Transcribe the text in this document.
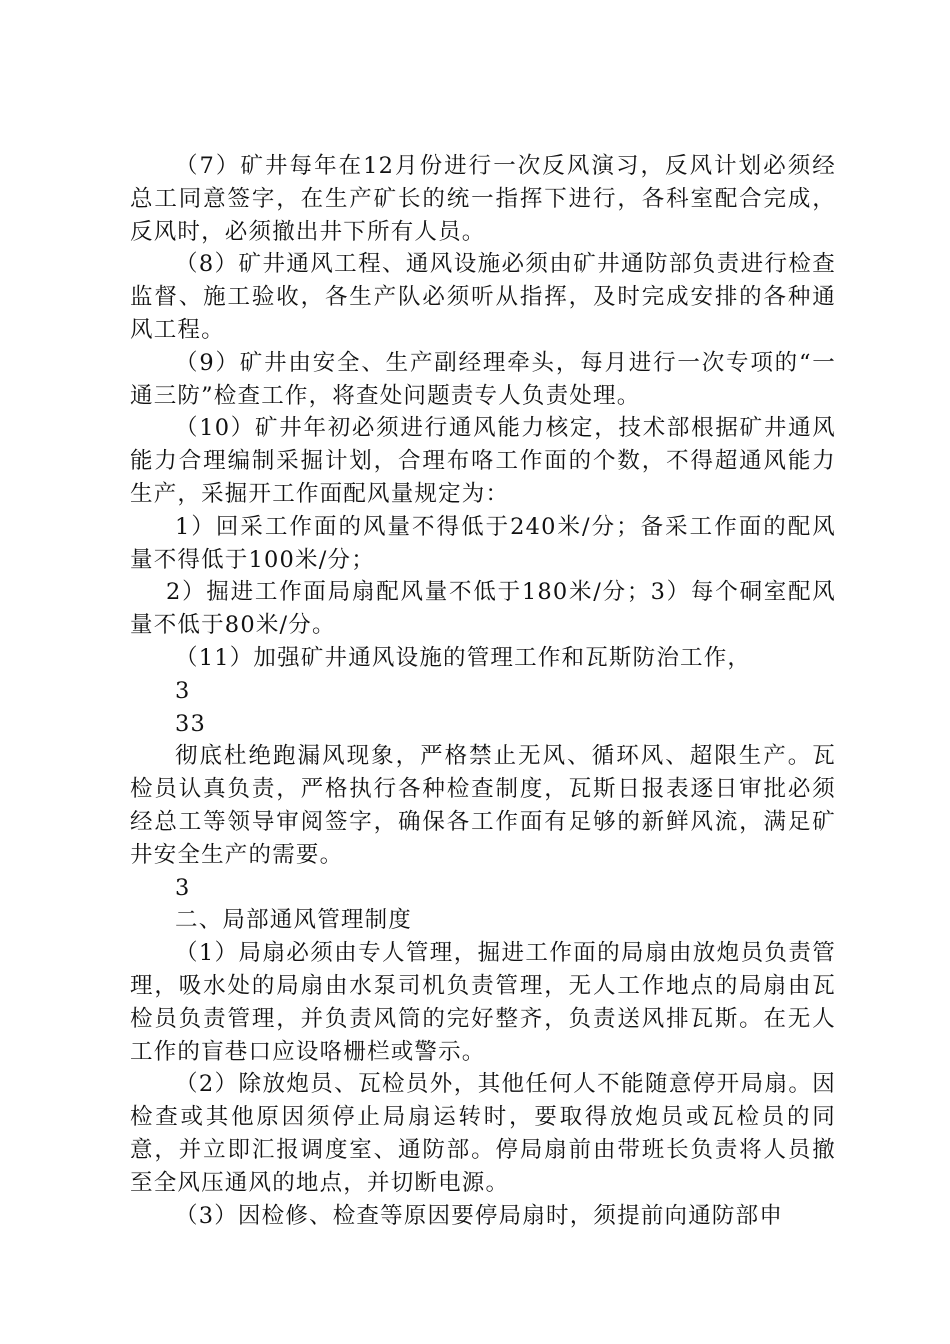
（7）矿井每年在12月份进行一次反风演习，反风计划必须经总工同意签字，在生产矿长的统一指挥下进行，各科室配合完成，反风时，必须撤出井下所有人员。

（8）矿井通风工程、通风设施必须由矿井通防部负责进行检查监督、施工验收，各生产队必须听从指挥，及时完成安排的各种通风工程。

（9）矿井由安全、生产副经理牵头，每月进行一次专项的“一通三防”检查工作，将查处问题责专人负责处理。

（10）矿井年初必须进行通风能力核定，技术部根据矿井通风能力合理编制采掘计划，合理布咯工作面的个数，不得超通风能力生产，采掘开工作面配风量规定为：

1）回采工作面的风量不得低于240米/分；备采工作面的配风量不得低于100米/分；

2）掘进工作面局扇配风量不低于180米/分；3）每个硐室配风量不低于80米/分。

（11）加强矿井通风设施的管理工作和瓦斯防治工作，

3

33

彻底杜绝跑漏风现象，严格禁止无风、循环风、超限生产。瓦检员认真负责，严格执行各种检查制度，瓦斯日报表逐日审批必须经总工等领导审阅签字，确保各工作面有足够的新鲜风流，满足矿井安全生产的需要。

3

二、局部通风管理制度

（1）局扇必须由专人管理，掘进工作面的局扇由放炮员负责管理，吸水处的局扇由水泵司机负责管理，无人工作地点的局扇由瓦检员负责管理，并负责风筒的完好整齐，负责送风排瓦斯。在无人工作的盲巷口应设咯栅栏或警示。

（2）除放炮员、瓦检员外，其他任何人不能随意停开局扇。因检查或其他原因须停止局扇运转时，要取得放炮员或瓦检员的同意，并立即汇报调度室、通防部。停局扇前由带班长负责将人员撤至全风压通风的地点，并切断电源。

（3）因检修、检查等原因要停局扇时，须提前向通防部申
